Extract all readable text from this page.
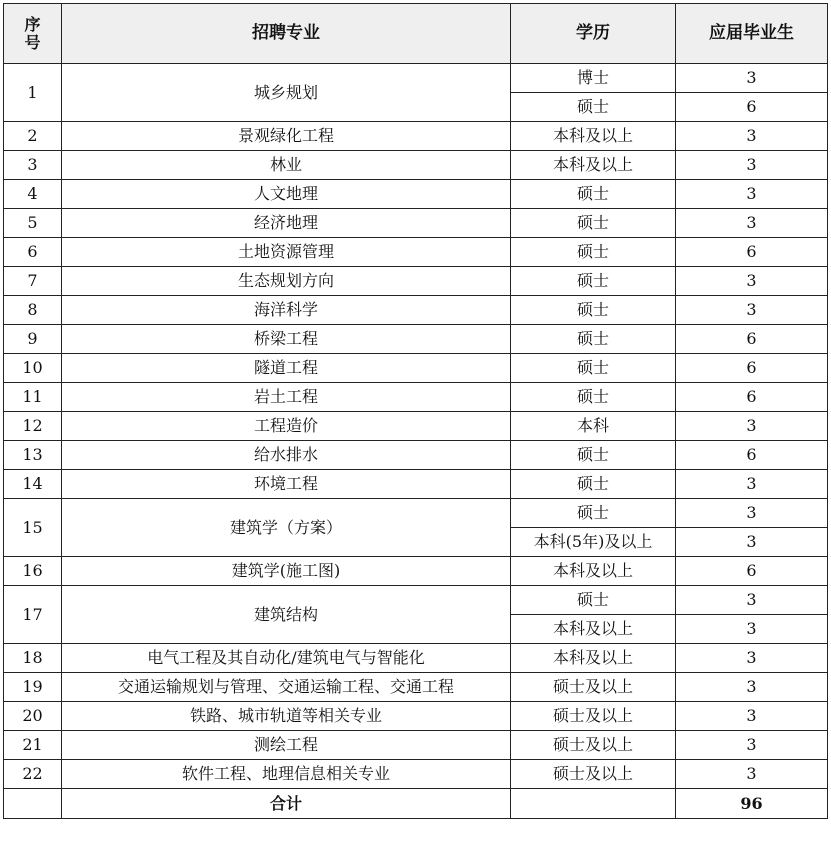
序
号	招聘专业	学历	应届毕业生
1	城乡规划	博士	3
		硕士	6
2	景观绿化工程	本科及以上	3
3	林业	本科及以上	3
4	人文地理	硕士	3
5	经济地理	硕士	3
6	土地资源管理	硕士	6
7	生态规划方向	硕士	3
8	海洋科学	硕士	3
9	桥梁工程	硕士	6
10	隧道工程	硕士	6
11	岩土工程	硕士	6
12	工程造价	本科	3
13	给水排水	硕士	6
14	环境工程	硕士	3
15	建筑学（方案）	硕士	3
		本科(5年)及以上	3
16	建筑学(施工图)	本科及以上	6
17	建筑结构	硕士	3
		本科及以上	3
18	电气工程及其自动化/建筑电气与智能化	本科及以上	3
19	交通运输规划与管理、交通运输工程、交通工程	硕士及以上	3
20	铁路、城市轨道等相关专业	硕士及以上	3
21	测绘工程	硕士及以上	3
22	软件工程、地理信息相关专业	硕士及以上	3
	合计		96
